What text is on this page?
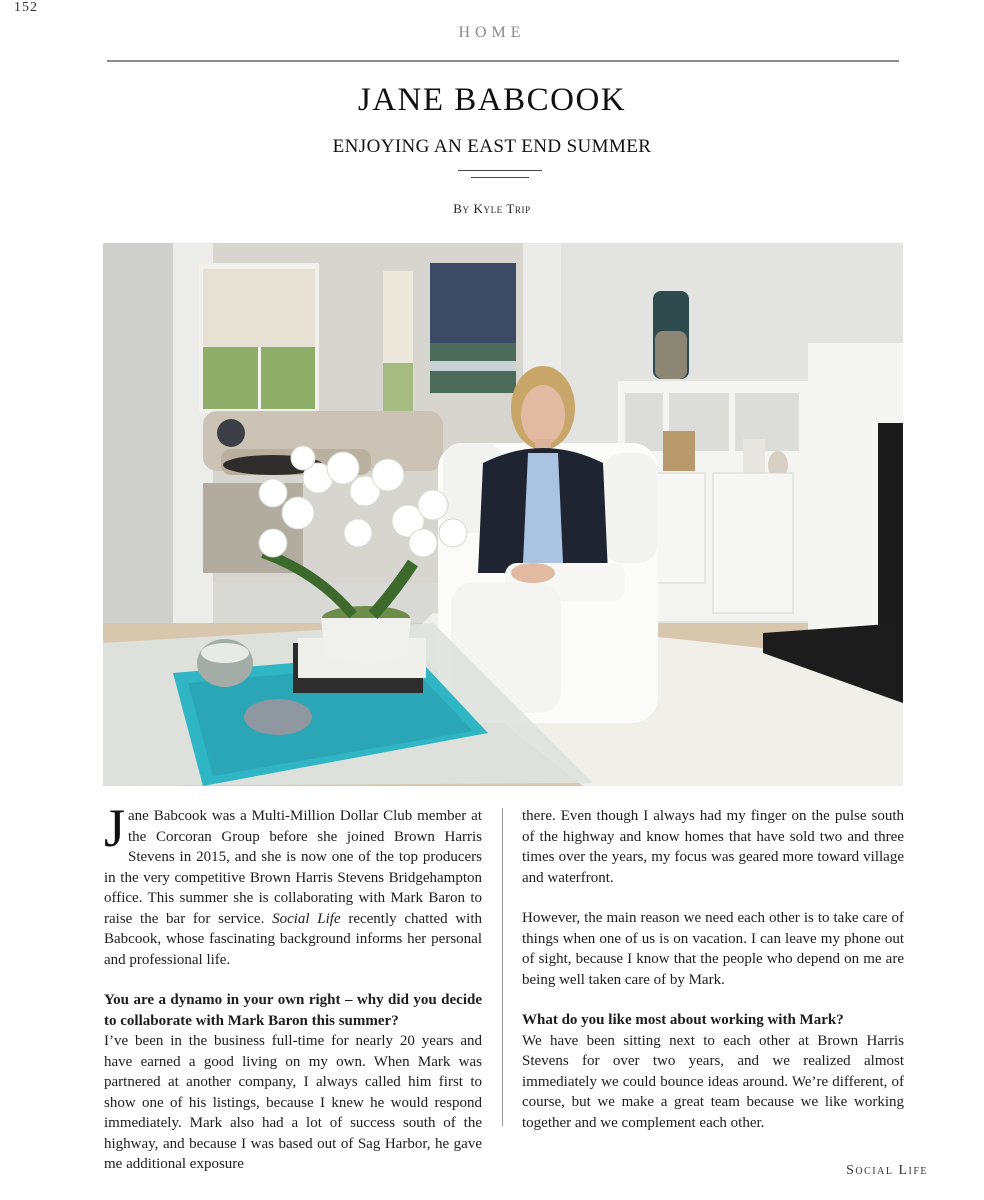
152
HOME
JANE BABCOOK
ENJOYING AN EAST END SUMMER
By Kyle Trip

Jane Babcook was a Multi-Million Dollar Club member at the Corcoran Group before she joined Brown Harris Stevens in 2015, and she is now one of the top producers in the very competitive Brown Harris Stevens Bridgehampton office. This summer she is collaborating with Mark Baron to raise the bar for service. Social Life recently chatted with Babcook, whose fascinating background informs her personal and professional life.

You are a dynamo in your own right – why did you decide to collaborate with Mark Baron this summer?

I’ve been in the business full-time for nearly 20 years and have earned a good living on my own. When Mark was partnered at another company, I always called him first to show one of his listings, because I knew he would respond immediately. Mark also had a lot of success south of the highway, and because I was based out of Sag Harbor, he gave me additional exposure

there. Even though I always had my finger on the pulse south of the highway and know homes that have sold two and three times over the years, my focus was geared more toward village and waterfront.

However, the main reason we need each other is to take care of things when one of us is on vacation. I can leave my phone out of sight, because I know that the people who depend on me are being well taken care of by Mark.

What do you like most about working with Mark?

We have been sitting next to each other at Brown Harris Stevens for over two years, and we realized almost immediately we could bounce ideas around. We’re different, of course, but we make a great team because we like working together and we complement each other.

Social Life
